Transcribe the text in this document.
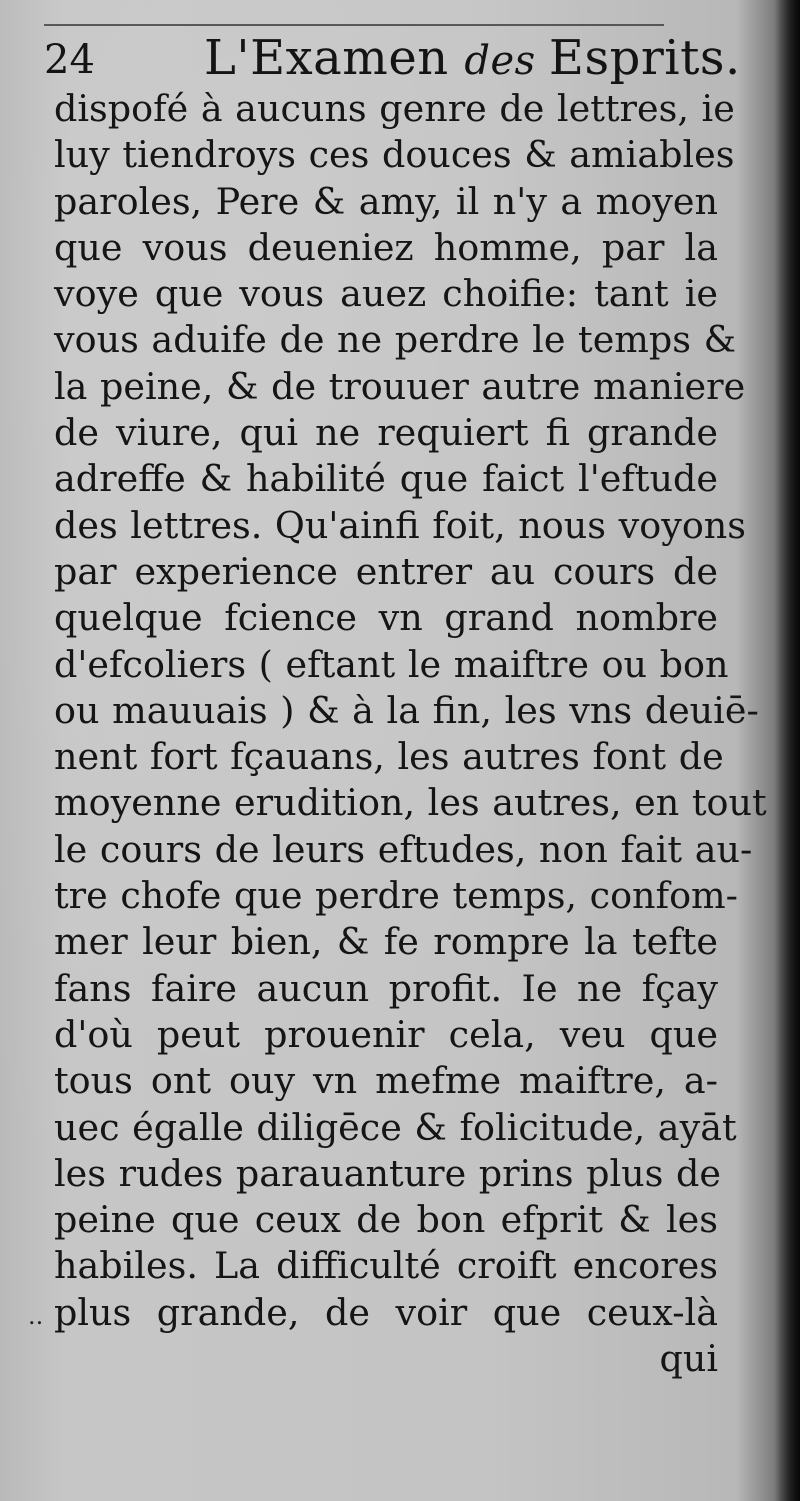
24 L'Examen des Esprits.
dispofé à aucuns genre de lettres, ie
luy tiendroys ces douces & amiables
paroles, Pere & amy, il n'y a moyen
que vous deueniez homme, par la
voye que vous auez choifie: tant ie
vous aduife de ne perdre le temps &
la peine, & de trouuer autre maniere
de viure, qui ne requiert fi grande
adreffe & habilité que faict l'eftude
des lettres. Qu'ainfi foit, nous voyons
par experience entrer au cours de
quelque fcience vn grand nombre
d'efcoliers ( eftant le maiftre ou bon
ou mauuais ) & à la fin, les vns deuiē-
nent fort fçauans, les autres font de
moyenne erudition, les autres, en tout
le cours de leurs eftudes, non fait au-
tre chofe que perdre temps, confom-
mer leur bien, & fe rompre la tefte
fans faire aucun profit. Ie ne fçay
d'où peut prouenir cela, veu que
tous ont ouy vn mefme maiftre, a-
uec égalle diligēce & folicitude, ayāt
les rudes parauanture prins plus de
peine que ceux de bon efprit & les
habiles. La difficulté croift encores
plus grande, de voir que ceux-là
qui
..
